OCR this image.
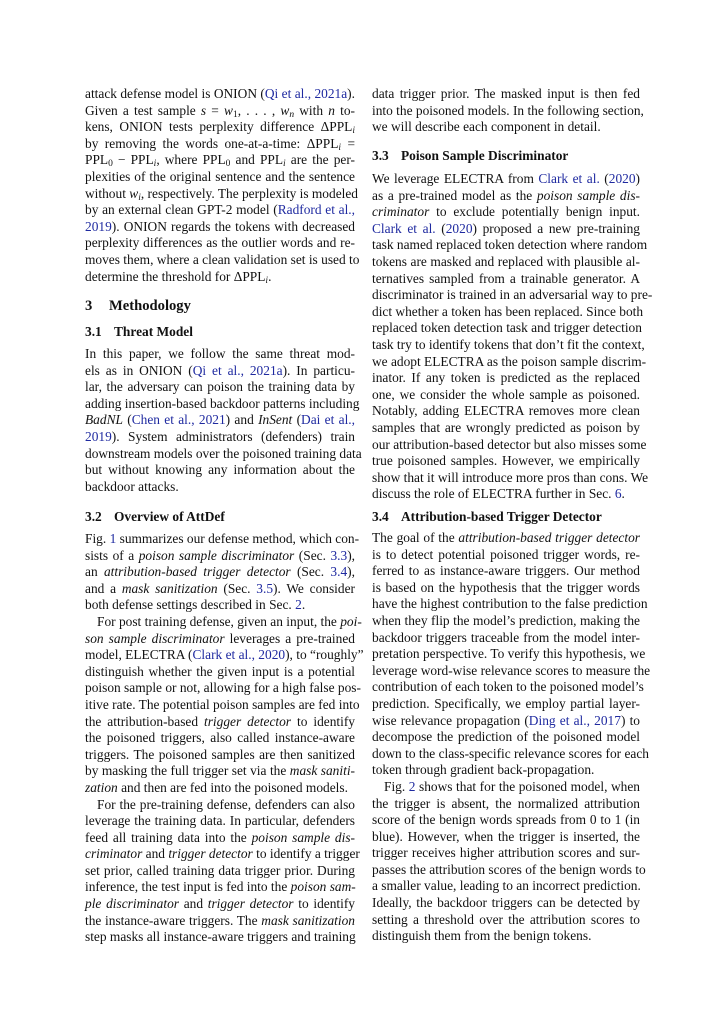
attack defense model is ONION (Qi et al., 2021a).
Given a test sample s = w1, . . . , wn with n to-
kens, ONION tests perplexity difference ΔPPLi
by removing the words one-at-a-time: ΔPPLi =
PPL0 − PPLi, where PPL0 and PPLi are the per-
plexities of the original sentence and the sentence
without wi, respectively. The perplexity is modeled
by an external clean GPT-2 model (Radford et al.,
2019). ONION regards the tokens with decreased
perplexity differences as the outlier words and re-
moves them, where a clean validation set is used to
determine the threshold for ΔPPLi.
3 Methodology
3.1 Threat Model
In this paper, we follow the same threat mod-
els as in ONION (Qi et al., 2021a). In particu-
lar, the adversary can poison the training data by
adding insertion-based backdoor patterns including
BadNL (Chen et al., 2021) and InSent (Dai et al.,
2019). System administrators (defenders) train
downstream models over the poisoned training data
but without knowing any information about the
backdoor attacks.
3.2 Overview of AttDef
Fig. 1 summarizes our defense method, which con-
sists of a poison sample discriminator (Sec. 3.3),
an attribution-based trigger detector (Sec. 3.4),
and a mask sanitization (Sec. 3.5). We consider
both defense settings described in Sec. 2.
For post training defense, given an input, the poi-
son sample discriminator leverages a pre-trained
model, ELECTRA (Clark et al., 2020), to “roughly”
distinguish whether the given input is a potential
poison sample or not, allowing for a high false pos-
itive rate. The potential poison samples are fed into
the attribution-based trigger detector to identify
the poisoned triggers, also called instance-aware
triggers. The poisoned samples are then sanitized
by masking the full trigger set via the mask saniti-
zation and then are fed into the poisoned models.
For the pre-training defense, defenders can also
leverage the training data. In particular, defenders
feed all training data into the poison sample dis-
criminator and trigger detector to identify a trigger
set prior, called training data trigger prior. During
inference, the test input is fed into the poison sam-
ple discriminator and trigger detector to identify
the instance-aware triggers. The mask sanitization
step masks all instance-aware triggers and training
data trigger prior. The masked input is then fed
into the poisoned models. In the following section,
we will describe each component in detail.
3.3 Poison Sample Discriminator
We leverage ELECTRA from Clark et al. (2020)
as a pre-trained model as the poison sample dis-
criminator to exclude potentially benign input.
Clark et al. (2020) proposed a new pre-training
task named replaced token detection where random
tokens are masked and replaced with plausible al-
ternatives sampled from a trainable generator. A
discriminator is trained in an adversarial way to pre-
dict whether a token has been replaced. Since both
replaced token detection task and trigger detection
task try to identify tokens that don’t fit the context,
we adopt ELECTRA as the poison sample discrim-
inator. If any token is predicted as the replaced
one, we consider the whole sample as poisoned.
Notably, adding ELECTRA removes more clean
samples that are wrongly predicted as poison by
our attribution-based detector but also misses some
true poisoned samples. However, we empirically
show that it will introduce more pros than cons. We
discuss the role of ELECTRA further in Sec. 6.
3.4 Attribution-based Trigger Detector
The goal of the attribution-based trigger detector
is to detect potential poisoned trigger words, re-
ferred to as instance-aware triggers. Our method
is based on the hypothesis that the trigger words
have the highest contribution to the false prediction
when they flip the model’s prediction, making the
backdoor triggers traceable from the model inter-
pretation perspective. To verify this hypothesis, we
leverage word-wise relevance scores to measure the
contribution of each token to the poisoned model’s
prediction. Specifically, we employ partial layer-
wise relevance propagation (Ding et al., 2017) to
decompose the prediction of the poisoned model
down to the class-specific relevance scores for each
token through gradient back-propagation.
Fig. 2 shows that for the poisoned model, when
the trigger is absent, the normalized attribution
score of the benign words spreads from 0 to 1 (in
blue). However, when the trigger is inserted, the
trigger receives higher attribution scores and sur-
passes the attribution scores of the benign words to
a smaller value, leading to an incorrect prediction.
Ideally, the backdoor triggers can be detected by
setting a threshold over the attribution scores to
distinguish them from the benign tokens.
